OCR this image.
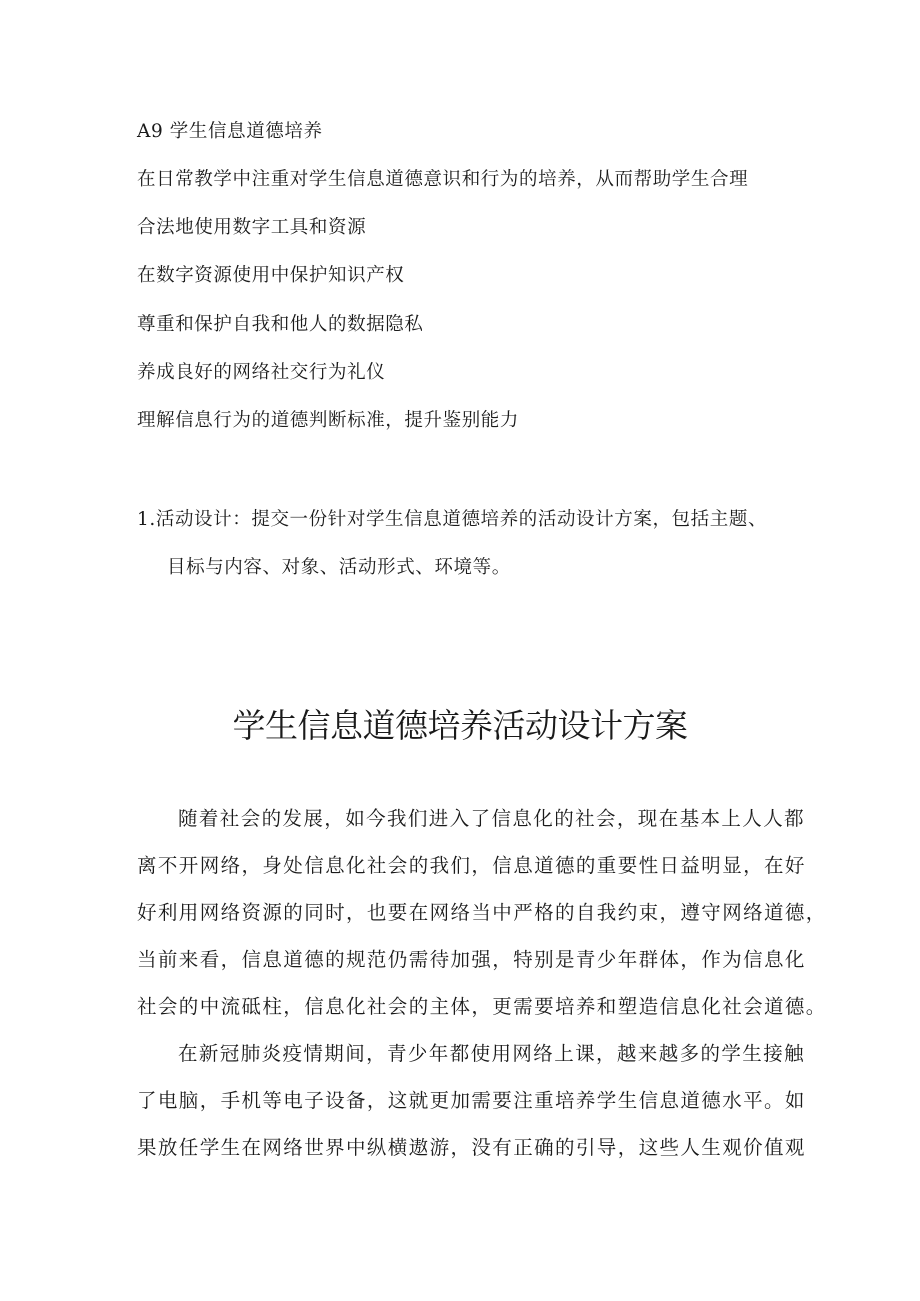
A9 学生信息道德培养
在日常教学中注重对学生信息道德意识和行为的培养，从而帮助学生合理
合法地使用数字工具和资源
在数字资源使用中保护知识产权
尊重和保护自我和他人的数据隐私
养成良好的网络社交行为礼仪
理解信息行为的道德判断标准，提升鉴别能力
1.活动设计：提交一份针对学生信息道德培养的活动设计方案，包括主题、
目标与内容、对象、活动形式、环境等。
学生信息道德培养活动设计方案
随着社会的发展，如今我们进入了信息化的社会，现在基本上人人都
离不开网络，身处信息化社会的我们，信息道德的重要性日益明显，在好
好利用网络资源的同时，也要在网络当中严格的自我约束，遵守网络道德，
当前来看，信息道德的规范仍需待加强，特别是青少年群体，作为信息化
社会的中流砥柱，信息化社会的主体，更需要培养和塑造信息化社会道德。
在新冠肺炎疫情期间，青少年都使用网络上课，越来越多的学生接触
了电脑，手机等电子设备，这就更加需要注重培养学生信息道德水平。如
果放任学生在网络世界中纵横遨游，没有正确的引导，这些人生观价值观
